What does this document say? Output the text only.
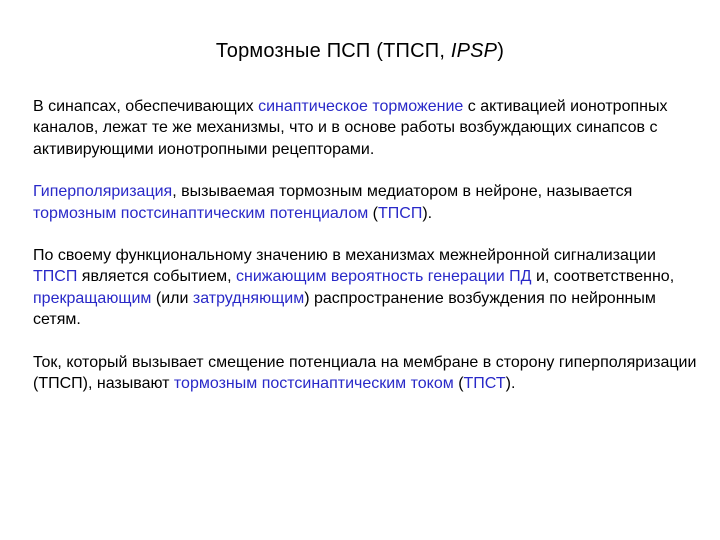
Тормозные ПСП (ТПСП, IPSP)

В синапсах, обеспечивающих синаптическое торможение с активацией ионотропных каналов, лежат те же механизмы, что и в основе работы возбуждающих синапсов с активирующими ионотропными рецепторами.

Гиперполяризация, вызываемая тормозным медиатором в нейроне, называется тормозным постсинаптическим потенциалом (ТПСП).

По своему функциональному значению в механизмах межнейронной сигнализации ТПСП является событием, снижающим вероятность генерации ПД и, соответственно, прекращающим (или затрудняющим) распространение возбуждения по нейронным сетям.

Ток, который вызывает смещение потенциала на мембране в сторону гиперполяризации (ТПСП), называют тормозным постсинаптическим током (ТПСТ).
